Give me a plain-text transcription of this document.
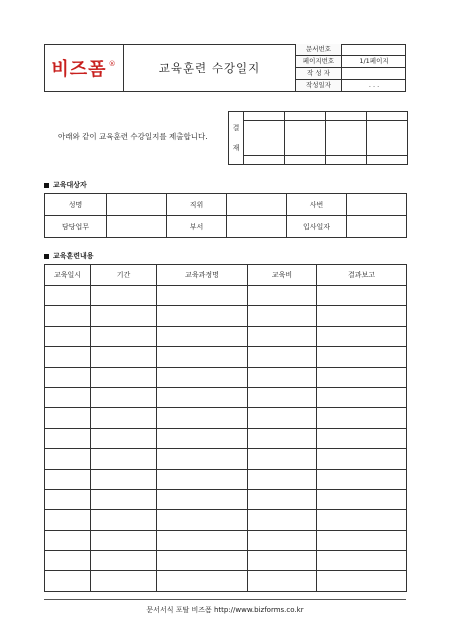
비즈폼 ®	교육훈련 수강일지
문서번호	
페이지번호	1/1페이지
작 성 자	
작성일자	. . .
아래와 같이 교육훈련 수강일지를 제출합니다.
결
재				

교육대상자
성명		직위		사번	
담당업무		부서		입사일자	
교육훈련내용
교육일시	기간	교육과정명	교육비	결과보고

문서서식 포탈 비즈폼 http://www.bizforms.co.kr
